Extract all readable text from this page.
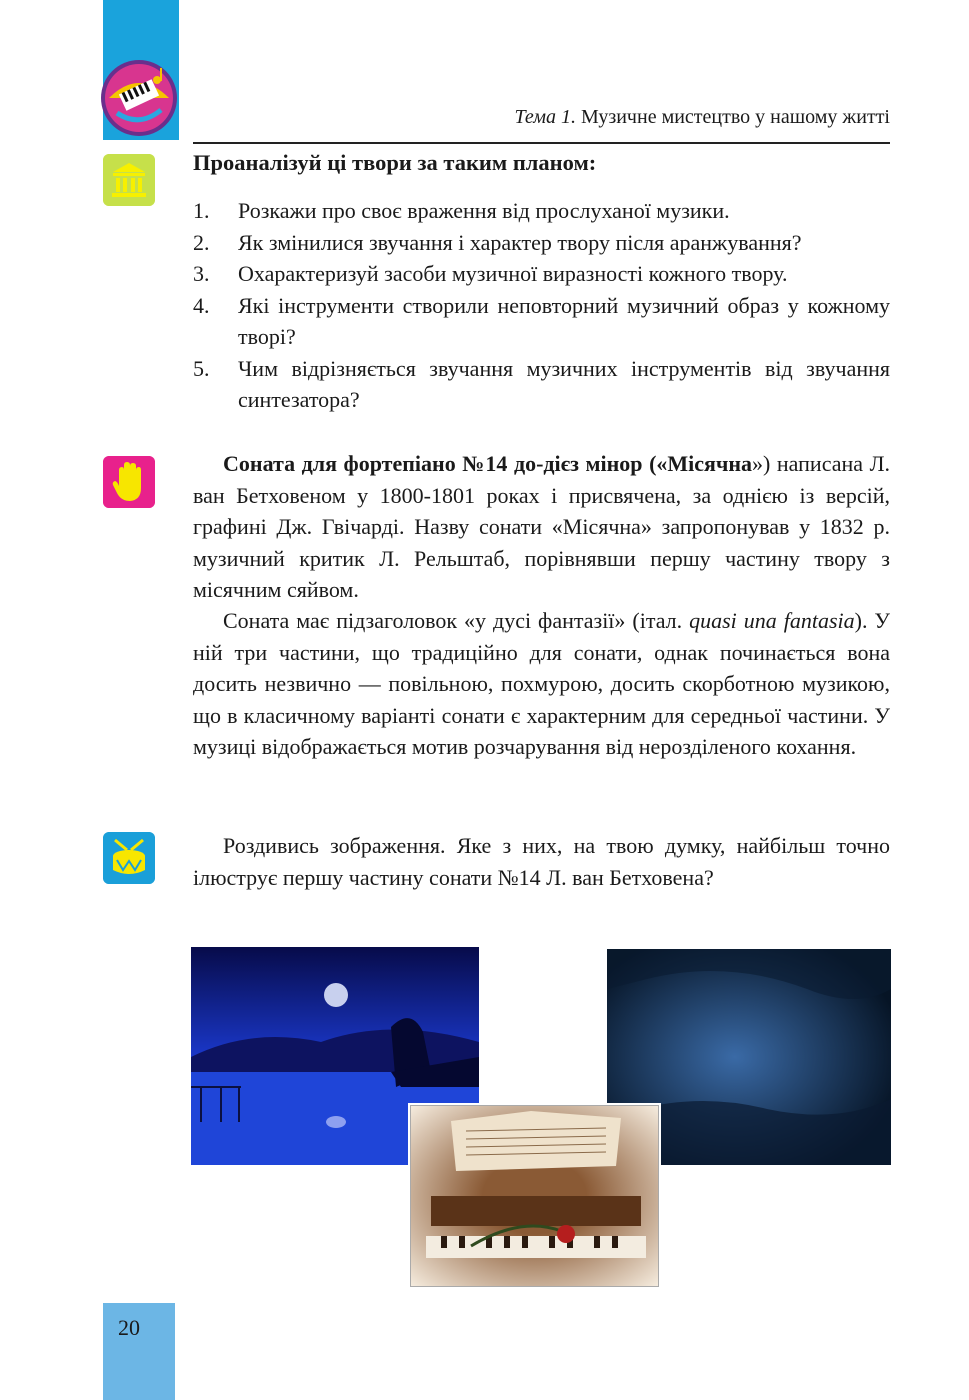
Тема 1. Музичне мистецтво у нашому житті
Проаналізуй ці твори за таким планом:
1. Розкажи про своє враження від прослуханої музики.
2. Як змінилися звучання і характер твору після аранжування?
3. Охарактеризуй засоби музичної виразності кожного твору.
4. Які інструменти створили неповторний музичний образ у кожному творі?
5. Чим відрізняється звучання музичних інструментів від звучання синтезатора?

Соната для фортепіано №14 до-дієз мінор («Місячна») написана Л. ван Бетховеном у 1800-1801 роках і присвячена, за однією із версій, графині Дж. Гвічарді. Назву сонати «Місячна» запропонував у 1832 р. музичний критик Л. Рельштаб, порівнявши першу частину твору з місячним сяйвом.

Соната має підзаголовок «у дусі фантазії» (італ. quasi una fantasia). У ній три частини, що традиційно для сонати, однак починається вона досить незвично — повільною, похмурою, досить скорботною музикою, що в класичному варіанті сонати є характерним для середньої частини. У музиці відображається мотив розчарування від нерозділеного кохання.

Роздивись зображення. Яке з них, на твою думку, найбільш точно ілюструє першу частину сонати №14 Л. ван Бетховена?

20
